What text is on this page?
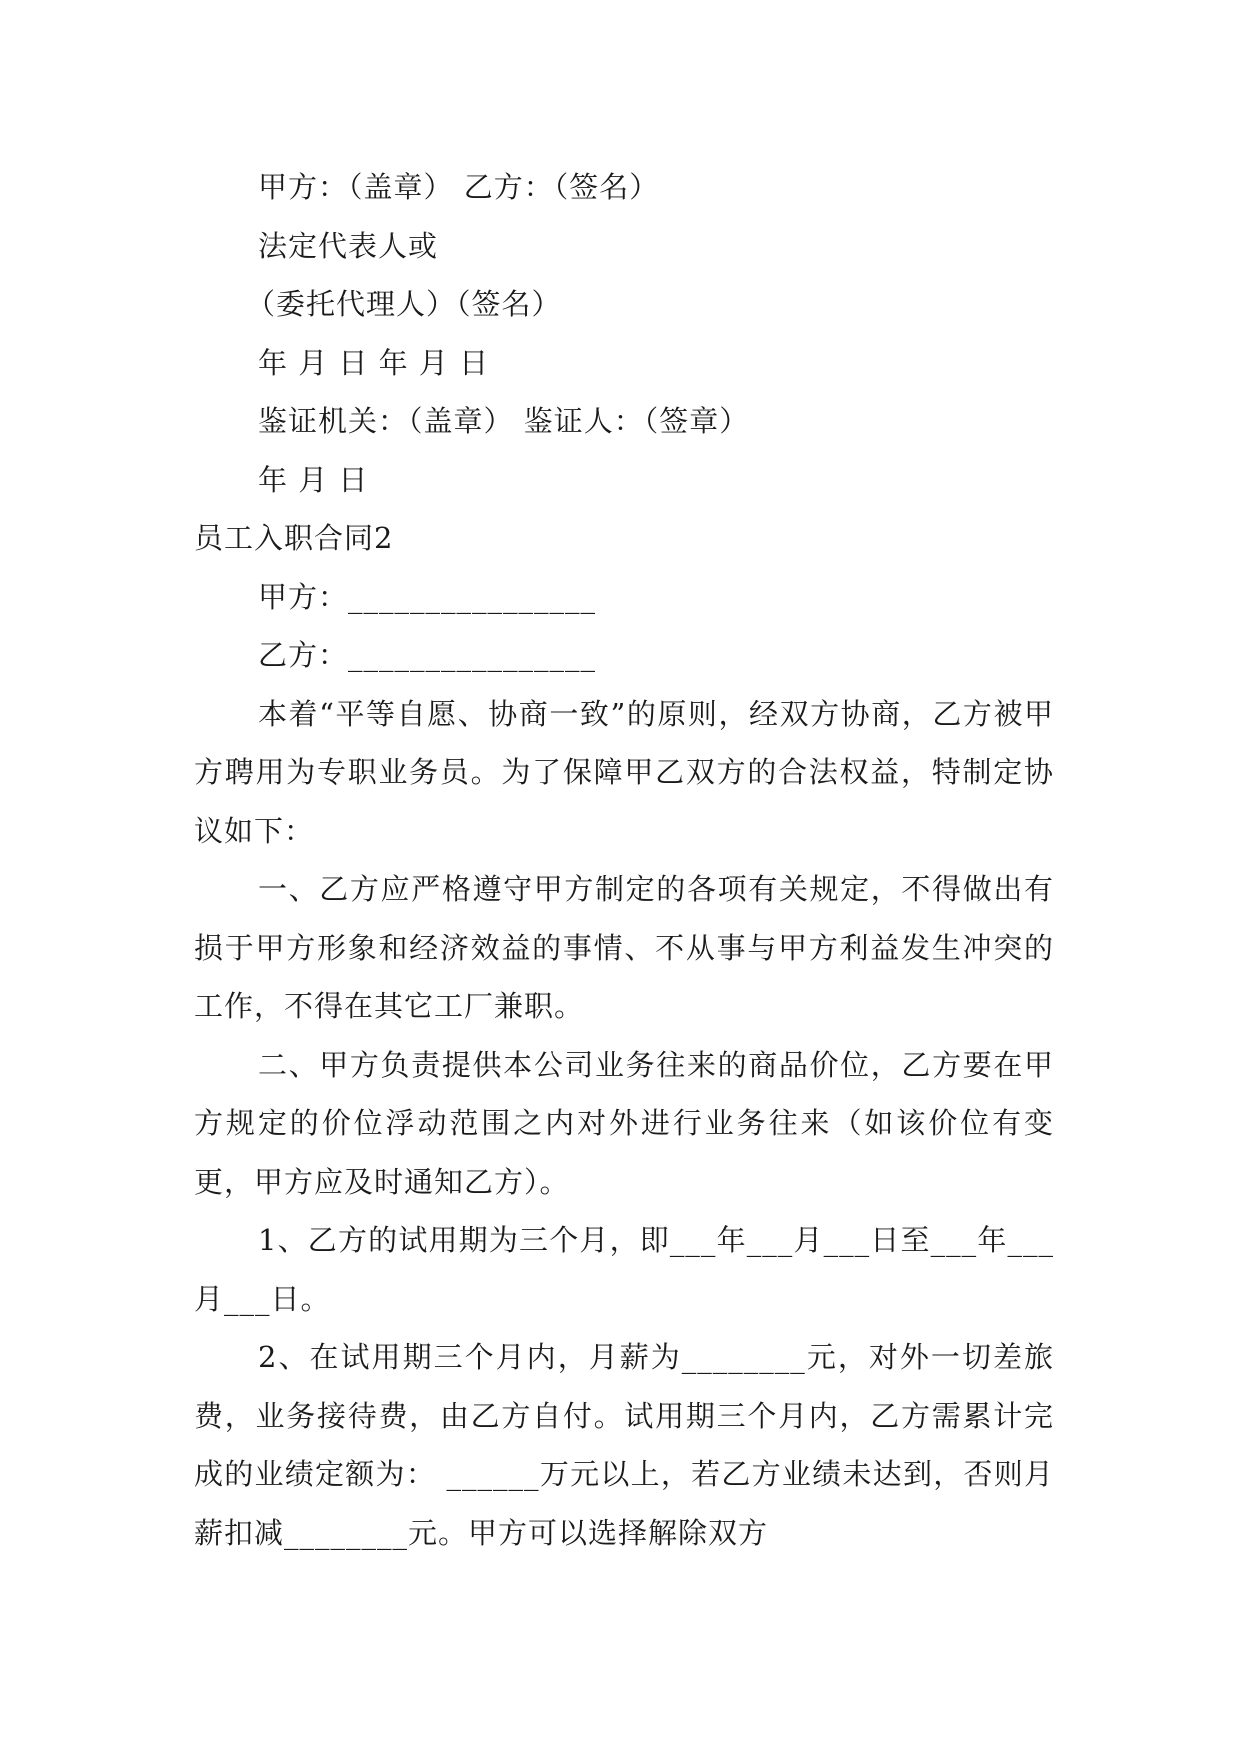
甲方：（盖章） 乙方：（签名）
法定代表人或
（委托代理人）（签名）
年 月 日 年 月 日
鉴证机关：（盖章） 鉴证人：（签章）
年 月 日
员工入职合同2
甲方：________________
乙方：________________

本着“平等自愿、协商一致”的原则，经双方协商，乙方被甲方聘用为专职业务员。为了保障甲乙双方的合法权益，特制定协议如下：

一、乙方应严格遵守甲方制定的各项有关规定，不得做出有损于甲方形象和经济效益的事情、不从事与甲方利益发生冲突的工作，不得在其它工厂兼职。

二、甲方负责提供本公司业务往来的商品价位，乙方要在甲方规定的价位浮动范围之内对外进行业务往来（如该价位有变更，甲方应及时通知乙方）。

1、乙方的试用期为三个月，即___年___月___日至___年___月___日。

2、在试用期三个月内，月薪为________元，对外一切差旅费，业务接待费，由乙方自付。试用期三个月内，乙方需累计完成的业绩定额为： ______万元以上，若乙方业绩未达到，否则月薪扣减________元。甲方可以选择解除双方
